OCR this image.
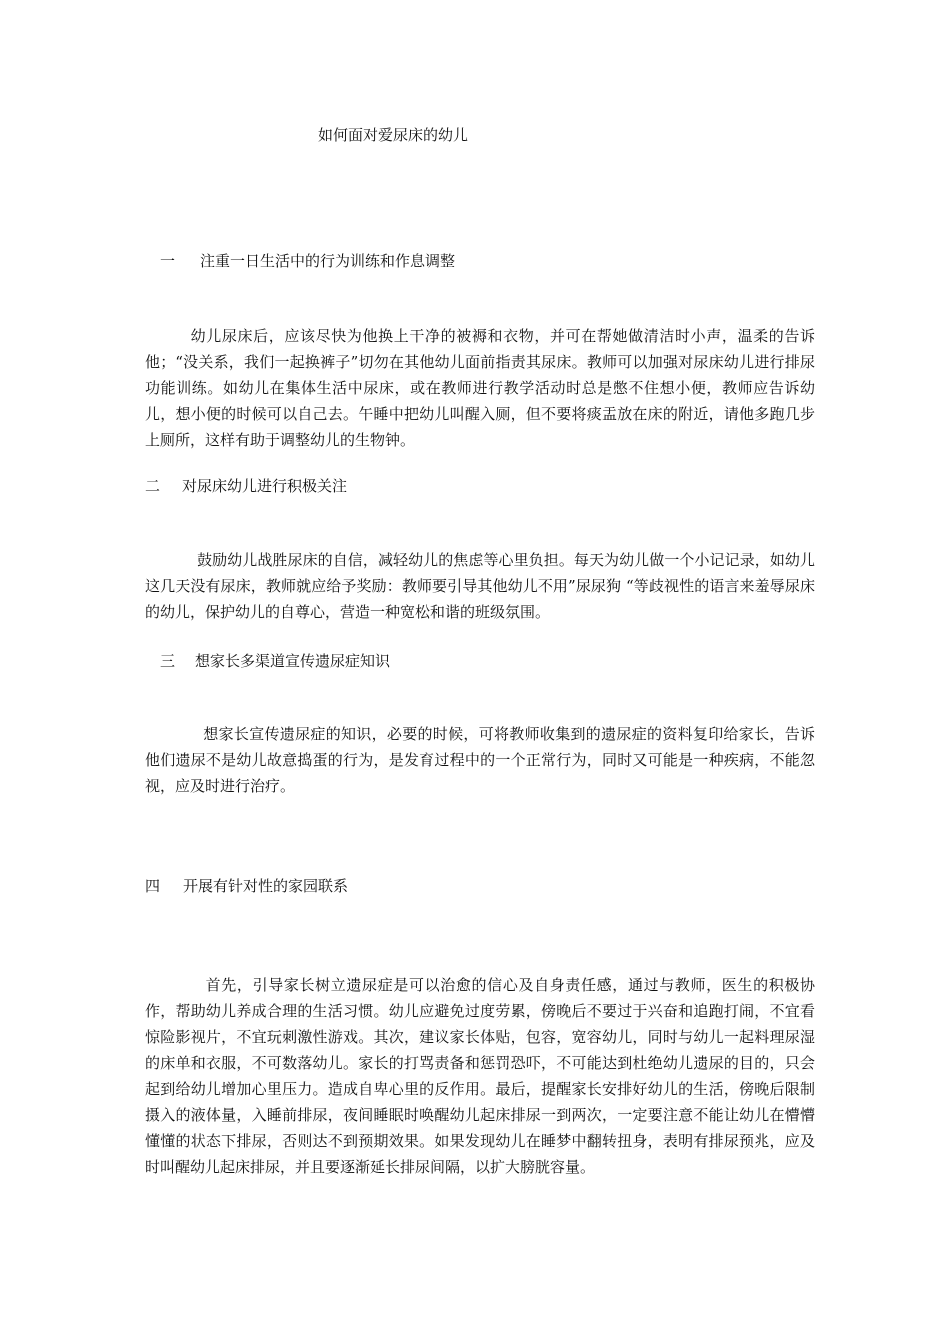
如何面对爱尿床的幼儿
一 注重一日生活中的行为训练和作息调整

幼儿尿床后，应该尽快为他换上干净的被褥和衣物，并可在帮她做清洁时小声，温柔的告诉他；“没关系，我们一起换裤子”切勿在其他幼儿面前指责其尿床。教师可以加强对尿床幼儿进行排尿功能训练。如幼儿在集体生活中尿床，或在教师进行教学活动时总是憋不住想小便，教师应告诉幼儿，想小便的时候可以自己去。午睡中把幼儿叫醒入厕，但不要将痰盂放在床的附近，请他多跑几步上厕所，这样有助于调整幼儿的生物钟。

二 对尿床幼儿进行积极关注

鼓励幼儿战胜尿床的自信，减轻幼儿的焦虑等心里负担。每天为幼儿做一个小记记录，如幼儿这几天没有尿床，教师就应给予奖励：教师要引导其他幼儿不用”尿尿狗 “等歧视性的语言来羞辱尿床的幼儿，保护幼儿的自尊心，营造一种宽松和谐的班级氛围。

三 想家长多渠道宣传遗尿症知识

想家长宣传遗尿症的知识，必要的时候，可将教师收集到的遗尿症的资料复印给家长，告诉他们遗尿不是幼儿故意捣蛋的行为，是发育过程中的一个正常行为，同时又可能是一种疾病，不能忽视，应及时进行治疗。

四 开展有针对性的家园联系

首先，引导家长树立遗尿症是可以治愈的信心及自身责任感，通过与教师，医生的积极协作，帮助幼儿养成合理的生活习惯。幼儿应避免过度劳累，傍晚后不要过于兴奋和追跑打闹，不宜看惊险影视片，不宜玩刺激性游戏。其次，建议家长体贴，包容，宽容幼儿，同时与幼儿一起料理尿湿的床单和衣服，不可数落幼儿。家长的打骂责备和惩罚恐吓，不可能达到杜绝幼儿遗尿的目的，只会起到给幼儿增加心里压力。造成自卑心里的反作用。最后，提醒家长安排好幼儿的生活，傍晚后限制摄入的液体量，入睡前排尿，夜间睡眠时唤醒幼儿起床排尿一到两次，一定要注意不能让幼儿在懵懵懂懂的状态下排尿，否则达不到预期效果。如果发现幼儿在睡梦中翻转扭身，表明有排尿预兆，应及时叫醒幼儿起床排尿，并且要逐渐延长排尿间隔，以扩大膀胱容量。
